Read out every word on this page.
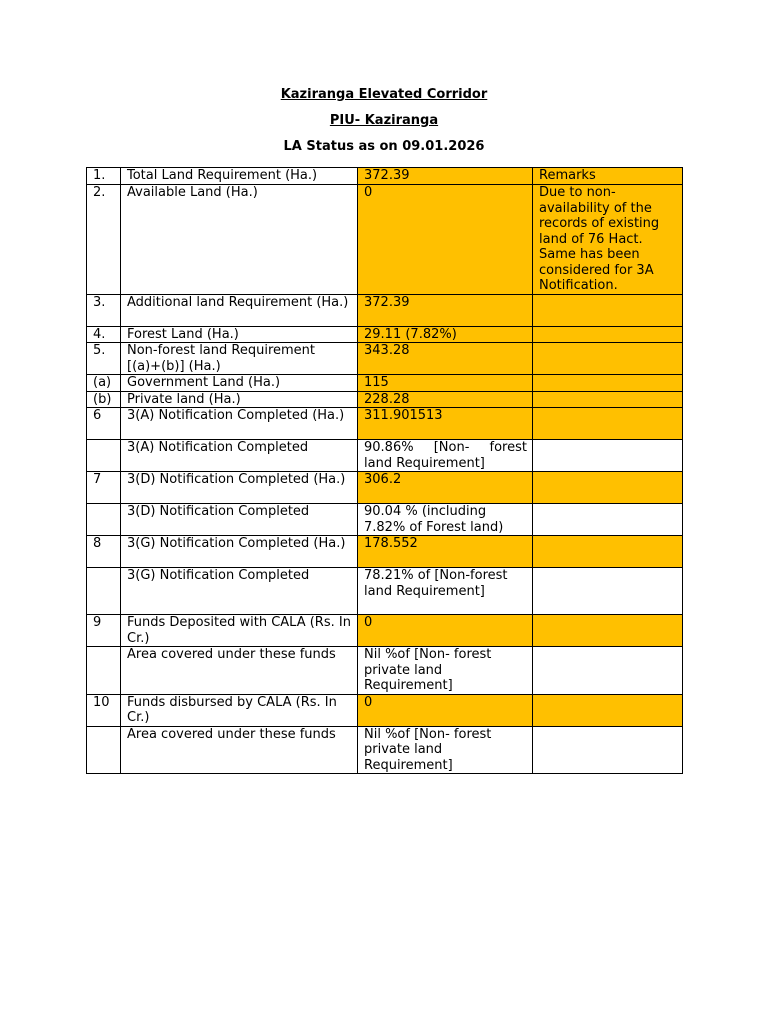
Kaziranga Elevated Corridor
PIU- Kaziranga
LA Status as on 09.01.2026
1.	Total Land Requirement (Ha.)	372.39	Remarks
2.	Available Land (Ha.)	0	Due to non-availability of the records of existing land of 76 Hact. Same has been considered for 3A Notification.
3.	Additional land Requirement (Ha.)	372.39	
4.	Forest Land (Ha.)	29.11 (7.82%)	
5.	Non-forest land Requirement [(a)+(b)] (Ha.)	343.28	
(a)	Government Land (Ha.)	115	
(b)	Private land (Ha.)	228.28	
6	3(A) Notification Completed (Ha.)	311.901513	
	3(A) Notification Completed	90.86% [Non- forest land Requirement]	
7	3(D) Notification Completed (Ha.)	306.2	
	3(D) Notification Completed	90.04 % (including 7.82% of Forest land)	
8	3(G) Notification Completed (Ha.)	178.552	
	3(G) Notification Completed	78.21% of [Non-forest land Requirement]	
9	Funds Deposited with CALA (Rs. In Cr.)	0	
	Area covered under these funds	Nil %of [Non- forest private land Requirement]	
10	Funds disbursed by CALA (Rs. In Cr.)	0	
	Area covered under these funds	Nil %of [Non- forest private land Requirement]	
